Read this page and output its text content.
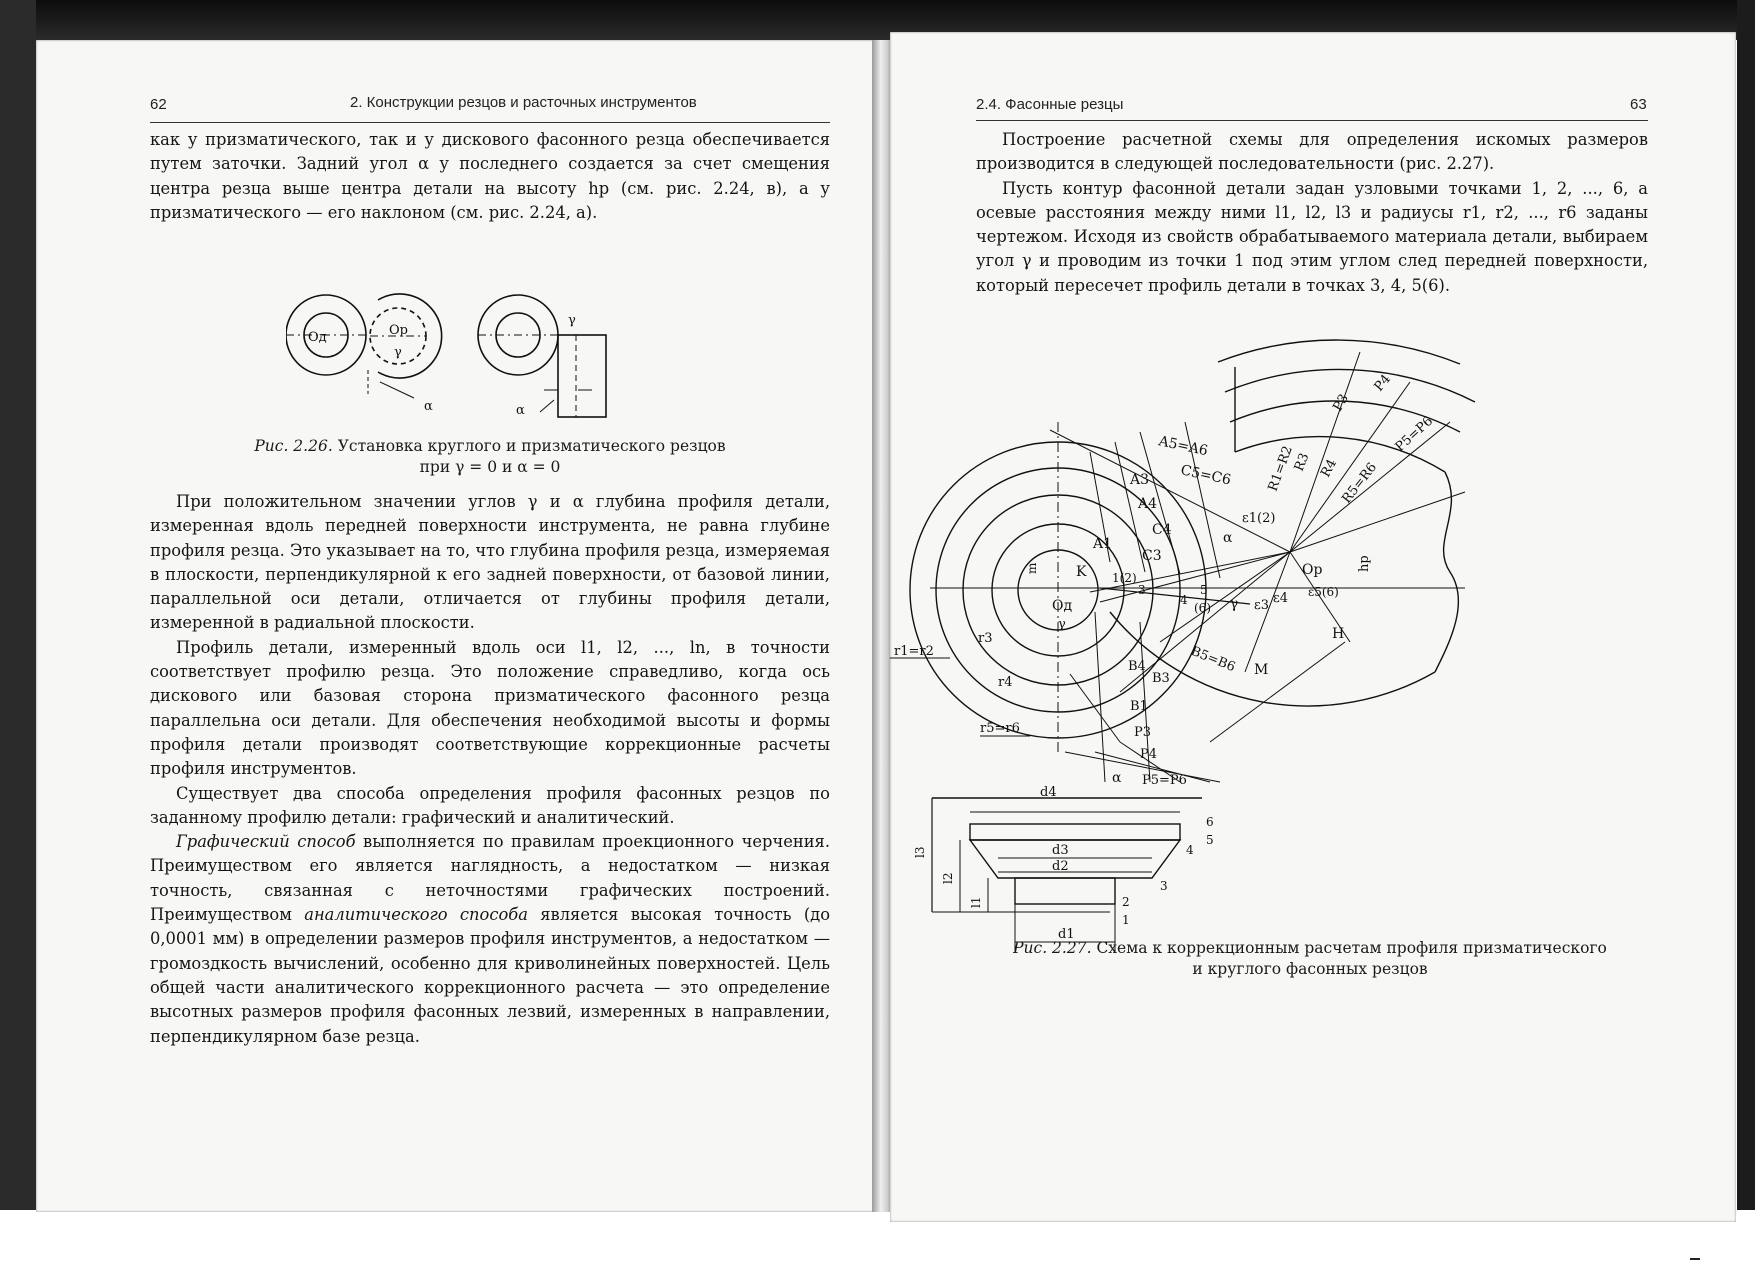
62	2. Конструкции резцов и расточных инструментов

как у призматического, так и у дискового фасонного резца обеспечивается путем заточки. Задний угол α у последнего создается за счет смещения центра резца выше центра детали на высоту hр (см. рис. 2.24, в), а у призматического — его наклоном (см. рис. 2.24, а).

Oд	Oр
γ
γ
α	α
Рис. 2.26. Установка круглого и призматического резцов
при γ = 0 и α = 0

При положительном значении углов γ и α глубина профиля детали, измеренная вдоль передней поверхности инструмента, не равна глубине профиля резца. Это указывает на то, что глубина профиля резца, измеряемая в плоскости, перпендикулярной к его задней поверхности, от базовой линии, параллельной оси детали, отличается от глубины профиля детали, измеренной в радиальной плоскости.

Профиль детали, измеренный вдоль оси l1, l2, ..., ln, в точности соответствует профилю резца. Это положение справедливо, когда ось дискового или базовая сторона призматического фасонного резца параллельна оси детали. Для обеспечения необходимой высоты и формы профиля детали производят соответствующие коррекционные расчеты профиля инструментов.

Существует два способа определения профиля фасонных резцов по заданному профилю детали: графический и аналитический.

Графический способ выполняется по правилам проекционного черчения. Преимуществом его является наглядность, а недостатком — низкая точность, связанная с неточностями графических построений. Преимуществом аналитического способа является высокая точность (до 0,0001 мм) в определении размеров профиля инструментов, а недостатком — громоздкость вычислений, особенно для криволинейных поверхностей. Цель общей части аналитического коррекционного расчета — это определение высотных размеров профиля фасонных лезвий, измеренных в направлении, перпендикулярном базе резца.

2.4. Фасонные резцы	63

Построение расчетной схемы для определения искомых размеров производится в следующей последовательности (рис. 2.27).

Пусть контур фасонной детали задан узловыми точками 1, 2, ..., 6, а осевые расстояния между ними l1, l2, l3 и радиусы r1, r2, ..., r6 заданы чертежом. Исходя из свойств обрабатываемого материала детали, выбираем угол γ и проводим из точки 1 под этим углом след передней поверхности, который пересечет профиль детали в точках 3, 4, 5(6).

A5=A6
C5=C6
A3
A4
C4
C3
A1
K
m
1(2)
Oд
γ
3
4
5
(6)
ε1(2)
ε3 ε4 ε5(6)
α
γ
Oр	hр
H
M
B5=B6
B3
B4
B1
P3
P4
P5=P6
α
r1=r2
r3
r4
r5=r6
R1=R2
R3 R4 R5=R6
P3
P4
P5=P6
d4
d3
d2
d1
l1
l2
l3
1
2
3
4
5
6
Рис. 2.27. Схема к коррекционным расчетам профиля призматического
и круглого фасонных резцов
